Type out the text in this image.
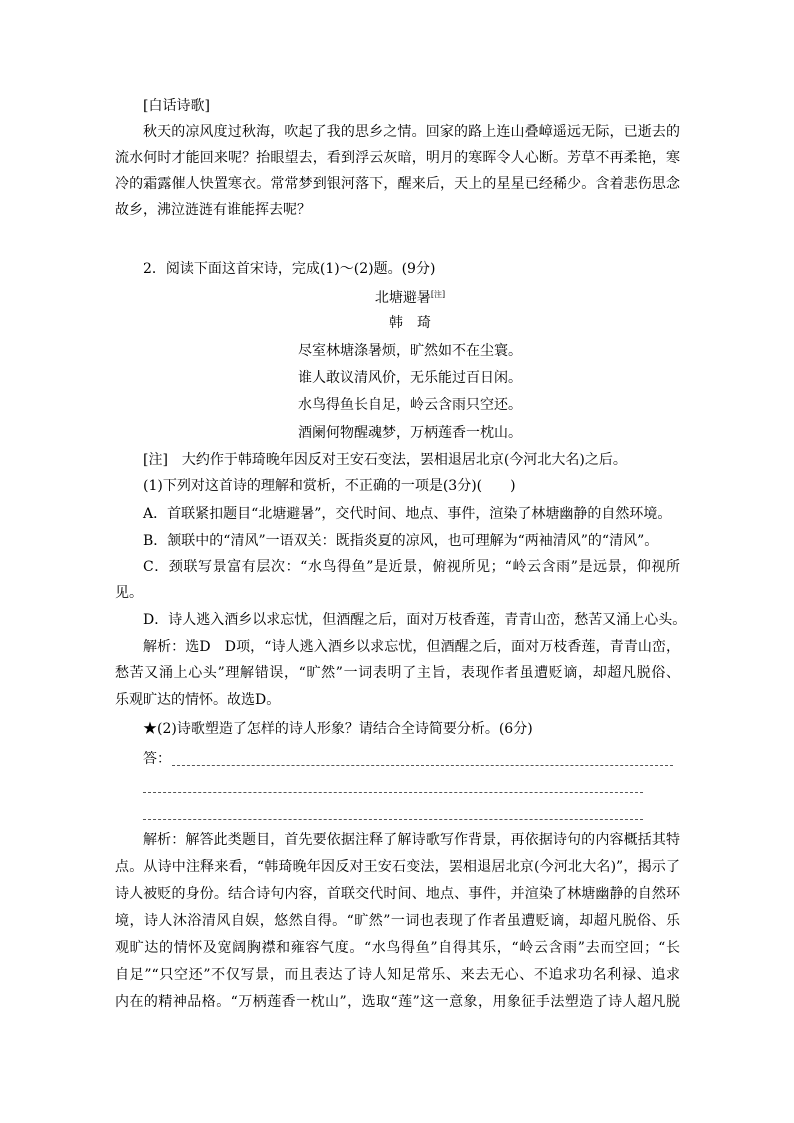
[白话诗歌]
秋天的凉风度过秋海，吹起了我的思乡之情。回家的路上连山叠嶂遥远无际，已逝去的
流水何时才能回来呢？抬眼望去，看到浮云灰暗，明月的寒晖令人心断。芳草不再柔艳，寒
冷的霜露催人快置寒衣。常常梦到银河落下，醒来后，天上的星星已经稀少。含着悲伤思念
故乡，沸泣涟涟有谁能挥去呢？
2．阅读下面这首宋诗，完成(1)～(2)题。(9分)
北塘避暑[注]
韩　琦
尽室林塘涤暑烦，旷然如不在尘寰。
谁人敢议清风价，无乐能过百日闲。
水鸟得鱼长自足，岭云含雨只空还。
酒阑何物醒魂梦，万柄莲香一枕山。
[注]　大约作于韩琦晚年因反对王安石变法，罢相退居北京(今河北大名)之后。
(1)下列对这首诗的理解和赏析，不正确的一项是(3分)(　　)
A．首联紧扣题目“北塘避暑”，交代时间、地点、事件，渲染了林塘幽静的自然环境。
B．颔联中的“清风”一语双关：既指炎夏的凉风，也可理解为“两袖清风”的“清风”。
C．颈联写景富有层次：“水鸟得鱼”是近景，俯视所见；“岭云含雨”是远景，仰视所
见。
D．诗人逃入酒乡以求忘忧，但酒醒之后，面对万枝香莲，青青山峦，愁苦又涌上心头。
解析：选D　D项，“诗人逃入酒乡以求忘忧，但酒醒之后，面对万枝香莲，青青山峦，
愁苦又涌上心头”理解错误，“旷然”一词表明了主旨，表现作者虽遭贬谪，却超凡脱俗、
乐观旷达的情怀。故选D。
★(2)诗歌塑造了怎样的诗人形象？请结合全诗简要分析。(6分)
答：
解析：解答此类题目，首先要依据注释了解诗歌写作背景，再依据诗句的内容概括其特
点。从诗中注释来看，“韩琦晚年因反对王安石变法，罢相退居北京(今河北大名)”，揭示了
诗人被贬的身份。结合诗句内容，首联交代时间、地点、事件，并渲染了林塘幽静的自然环
境，诗人沐浴清风自娱，悠然自得。“旷然”一词也表现了作者虽遭贬谪，却超凡脱俗、乐
观旷达的情怀及宽阔胸襟和雍容气度。“水鸟得鱼”自得其乐，“岭云含雨”去而空回；“长
自足”“只空还”不仅写景，而且表达了诗人知足常乐、来去无心、不追求功名利禄、追求
内在的精神品格。“万柄莲香一枕山”，选取“莲”这一意象，用象征手法塑造了诗人超凡脱
